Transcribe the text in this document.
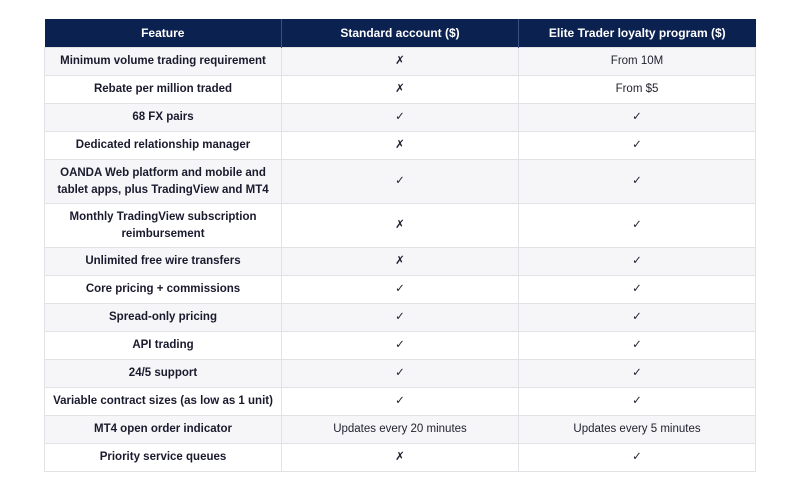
Feature	Standard account ($)	Elite Trader loyalty program ($)
Minimum volume trading requirement	✗	From 10M
Rebate per million traded	✗	From $5
68 FX pairs	✓	✓
Dedicated relationship manager	✗	✓
OANDA Web platform and mobile and tablet apps, plus TradingView and MT4	✓	✓
Monthly TradingView subscription reimbursement	✗	✓
Unlimited free wire transfers	✗	✓
Core pricing + commissions	✓	✓
Spread-only pricing	✓	✓
API trading	✓	✓
24/5 support	✓	✓
Variable contract sizes (as low as 1 unit)	✓	✓
MT4 open order indicator	Updates every 20 minutes	Updates every 5 minutes
Priority service queues	✗	✓
